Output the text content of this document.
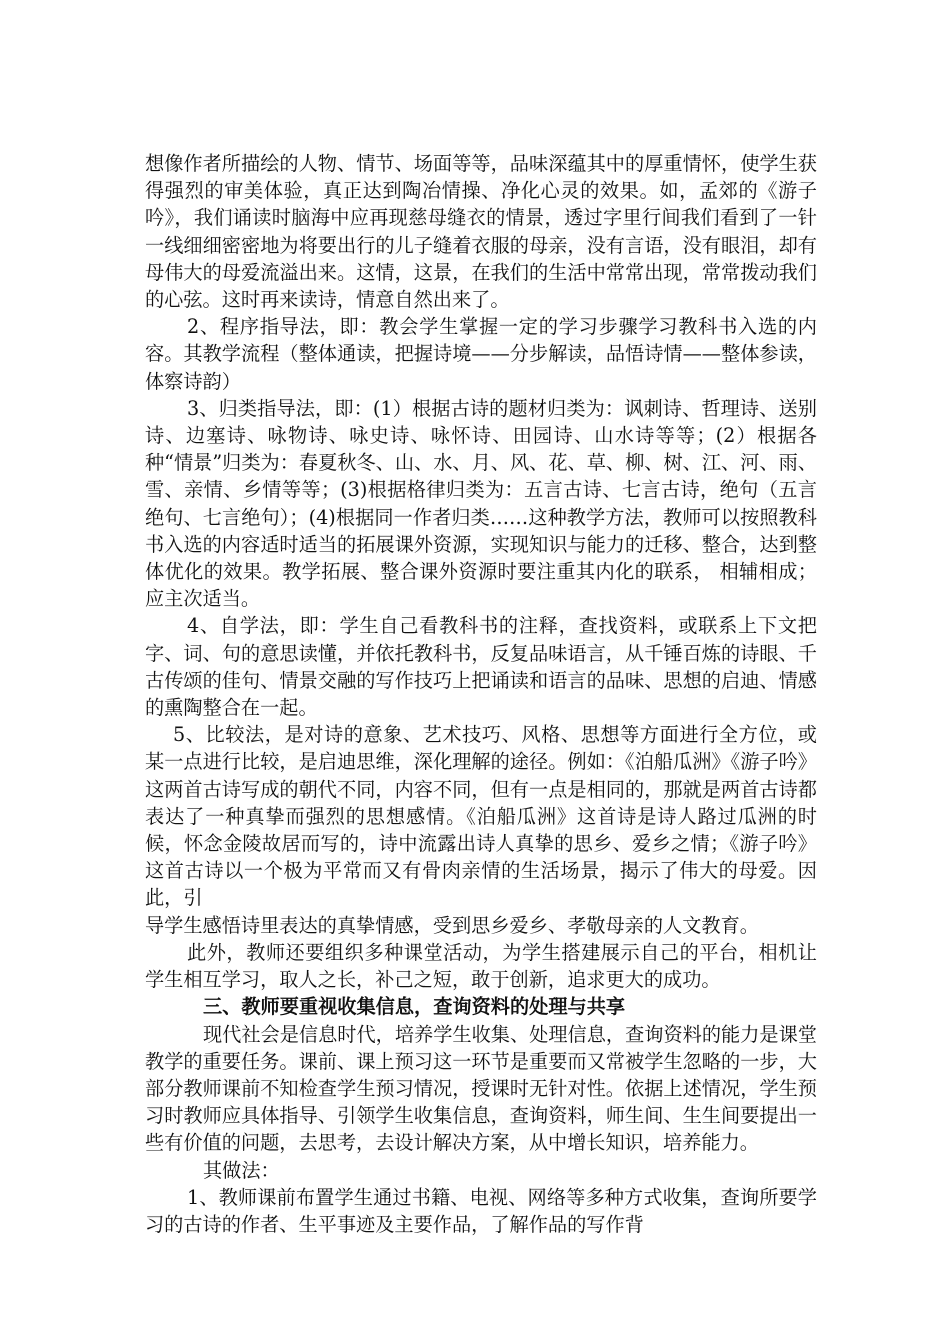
想像作者所描绘的人物、情节、场面等等，品味深蕴其中的厚重情怀，使学生获得强烈的审美体验，真正达到陶冶情操、净化心灵的效果。如，孟郊的《游子吟》，我们诵读时脑海中应再现慈母缝衣的情景，透过字里行间我们看到了一针一线细细密密地为将要出行的儿子缝着衣服的母亲，没有言语，没有眼泪，却有母伟大的母爱流溢出来。这情，这景，在我们的生活中常常出现，常常拨动我们的心弦。这时再来读诗，情意自然出来了。

2、程序指导法，即：教会学生掌握一定的学习步骤学习教科书入选的内容。其教学流程（整体通读，把握诗境——分步解读，品悟诗情——整体参读，体察诗韵）

3、归类指导法，即：(1）根据古诗的题材归类为：讽刺诗、哲理诗、送别诗、边塞诗、咏物诗、咏史诗、咏怀诗、田园诗、山水诗等等；(2）根据各种“情景”归类为：春夏秋冬、山、水、月、风、花、草、柳、树、江、河、雨、雪、亲情、乡情等等；(3)根据格律归类为：五言古诗、七言古诗，绝句（五言绝句、七言绝句）；(4)根据同一作者归类……这种教学方法，教师可以按照教科书入选的内容适时适当的拓展课外资源，实现知识与能力的迁移、整合，达到整体优化的效果。教学拓展、整合课外资源时要注重其内化的联系， 相辅相成； 应主次适当。

4、自学法，即：学生自己看教科书的注释，查找资料，或联系上下文把字、词、句的意思读懂，并依托教科书，反复品味语言，从千锤百炼的诗眼、千古传颂的佳句、情景交融的写作技巧上把诵读和语言的品味、思想的启迪、情感的熏陶整合在一起。

5、比较法，是对诗的意象、艺术技巧、风格、思想等方面进行全方位，或某一点进行比较，是启迪思维，深化理解的途径。例如：《泊船瓜洲》《游子吟》这两首古诗写成的朝代不同，内容不同，但有一点是相同的，那就是两首古诗都表达了一种真挚而强烈的思想感情。《泊船瓜洲》这首诗是诗人路过瓜洲的时候，怀念金陵故居而写的，诗中流露出诗人真挚的思乡、爱乡之情；《游子吟》这首古诗以一个极为平常而又有骨肉亲情的生活场景，揭示了伟大的母爱。因此，引

导学生感悟诗里表达的真挚情感，受到思乡爱乡、孝敬母亲的人文教育。

此外，教师还要组织多种课堂活动，为学生搭建展示自己的平台，相机让学生相互学习，取人之长，补己之短，敢于创新，追求更大的成功。

三、教师要重视收集信息，查询资料的处理与共享

现代社会是信息时代，培养学生收集、处理信息，查询资料的能力是课堂教学的重要任务。课前、课上预习这一环节是重要而又常被学生忽略的一步，大部分教师课前不知检查学生预习情况，授课时无针对性。依据上述情况，学生预习时教师应具体指导、引领学生收集信息，查询资料，师生间、生生间要提出一些有价值的问题，去思考，去设计解决方案，从中增长知识，培养能力。

其做法：

1、教师课前布置学生通过书籍、电视、网络等多种方式收集，查询所要学习的古诗的作者、生平事迹及主要作品，了解作品的写作背
